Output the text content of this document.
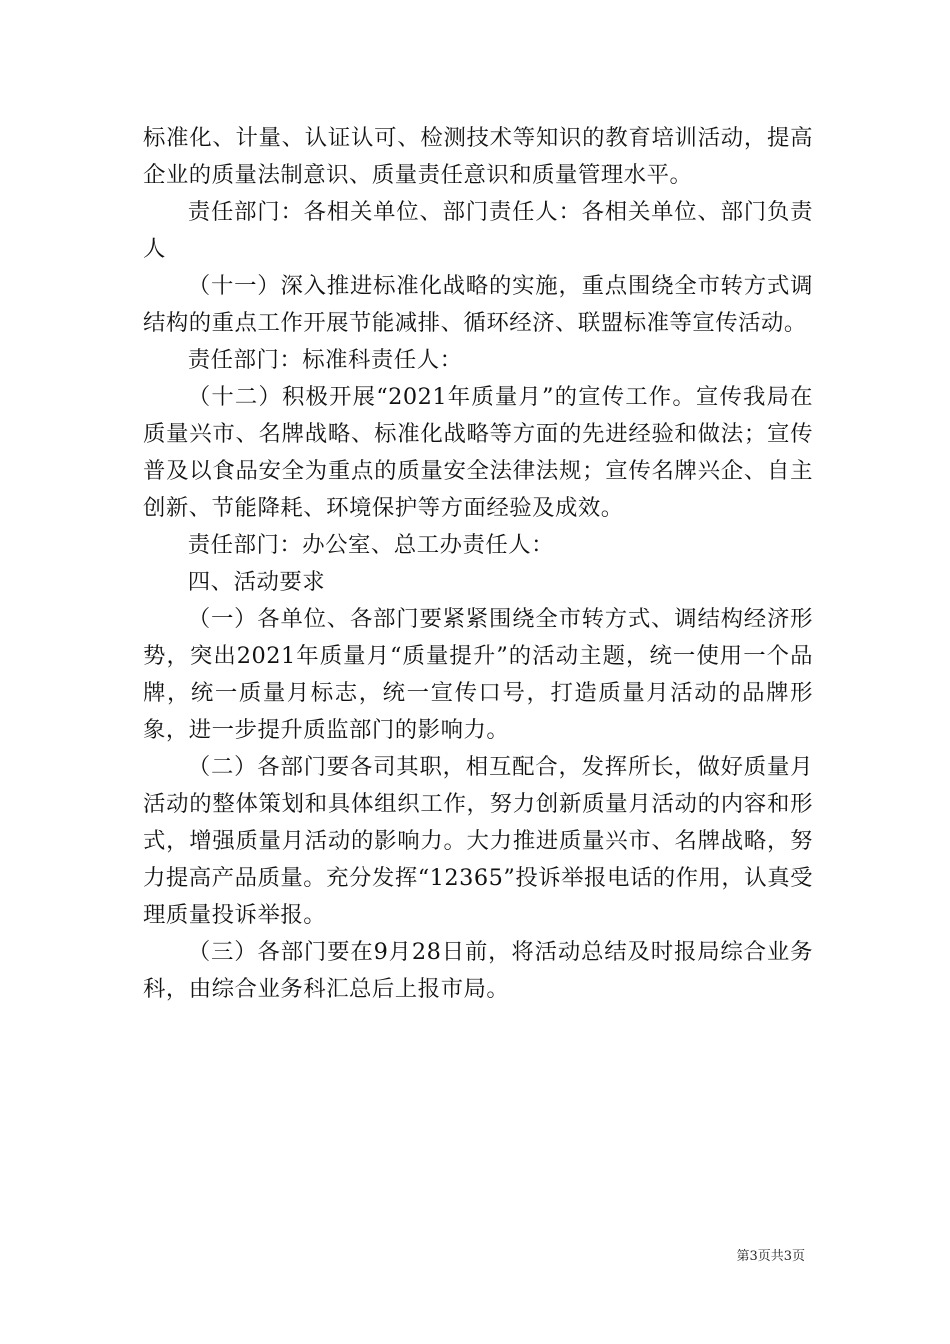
标准化、计量、认证认可、检测技术等知识的教育培训活动，提高企业的质量法制意识、质量责任意识和质量管理水平。

责任部门：各相关单位、部门责任人：各相关单位、部门负责人

（十一）深入推进标准化战略的实施，重点围绕全市转方式调结构的重点工作开展节能减排、循环经济、联盟标准等宣传活动。

责任部门：标准科责任人：

（十二）积极开展“2021年质量月”的宣传工作。宣传我局在质量兴市、名牌战略、标准化战略等方面的先进经验和做法；宣传普及以食品安全为重点的质量安全法律法规；宣传名牌兴企、自主创新、节能降耗、环境保护等方面经验及成效。

责任部门：办公室、总工办责任人：

四、活动要求

（一）各单位、各部门要紧紧围绕全市转方式、调结构经济形势，突出2021年质量月“质量提升”的活动主题，统一使用一个品牌，统一质量月标志，统一宣传口号，打造质量月活动的品牌形象，进一步提升质监部门的影响力。

（二）各部门要各司其职，相互配合，发挥所长，做好质量月活动的整体策划和具体组织工作，努力创新质量月活动的内容和形式，增强质量月活动的影响力。大力推进质量兴市、名牌战略，努力提高产品质量。充分发挥“12365”投诉举报电话的作用，认真受理质量投诉举报。

（三）各部门要在9月28日前，将活动总结及时报局综合业务科，由综合业务科汇总后上报市局。

第3页共3页
